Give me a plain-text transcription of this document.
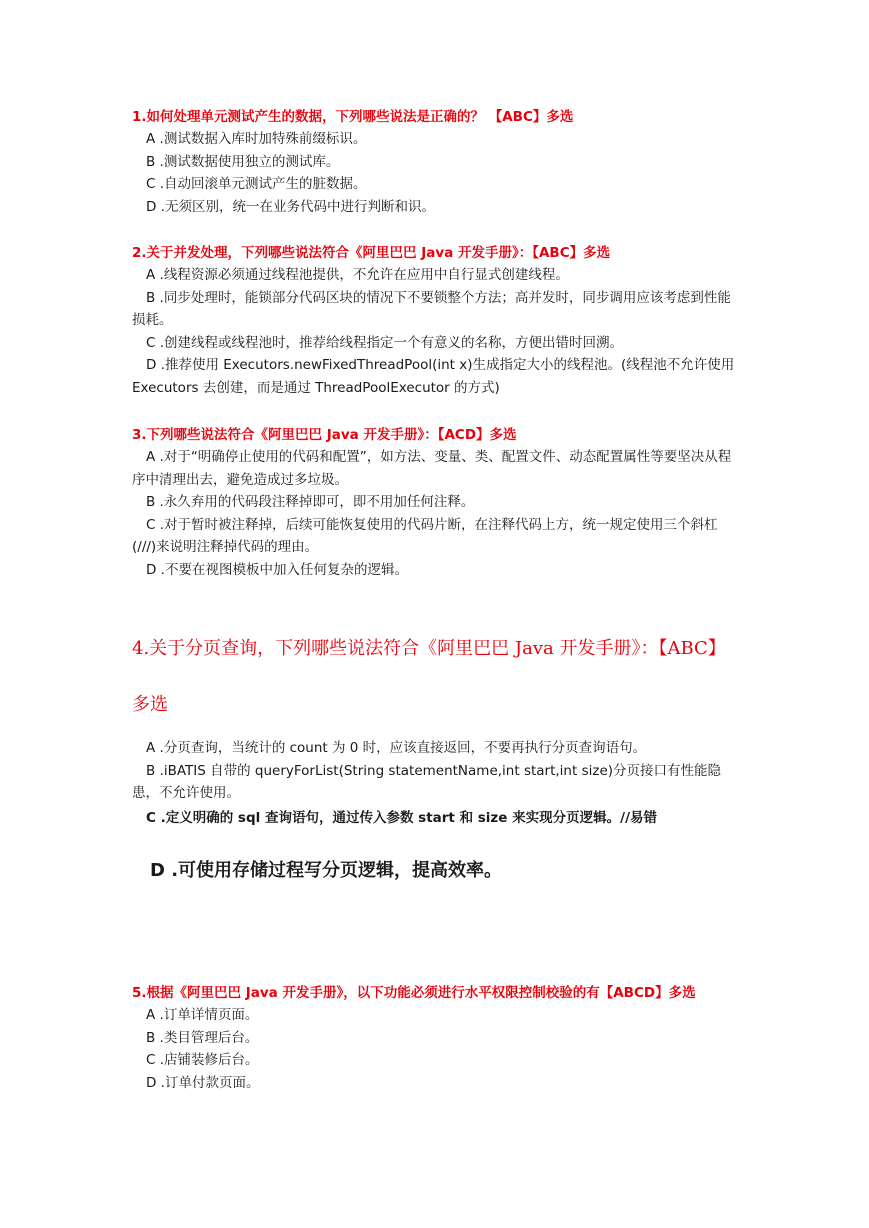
1.如何处理单元测试产生的数据，下列哪些说法是正确的？ 【ABC】多选

A .测试数据入库时加特殊前缀标识。

B .测试数据使用独立的测试库。

C .自动回滚单元测试产生的脏数据。

D .无须区别，统一在业务代码中进行判断和识。

2.关于并发处理，下列哪些说法符合《阿里巴巴 Java 开发手册》：【ABC】多选

A .线程资源必须通过线程池提供，不允许在应用中自行显式创建线程。

B .同步处理时，能锁部分代码区块的情况下不要锁整个方法；高并发时，同步调用应该考虑到性能损耗。

C .创建线程或线程池时，推荐给线程指定一个有意义的名称，方便出错时回溯。

D .推荐使用 Executors.newFixedThreadPool(int x)生成指定大小的线程池。(线程池不允许使用 Executors 去创建，而是通过 ThreadPoolExecutor 的方式)

3.下列哪些说法符合《阿里巴巴 Java 开发手册》：【ACD】多选

A .对于“明确停止使用的代码和配置”，如方法、变量、类、配置文件、动态配置属性等要坚决从程序中清理出去，避免造成过多垃圾。

B .永久弃用的代码段注释掉即可，即不用加任何注释。

C .对于暂时被注释掉，后续可能恢复使用的代码片断，在注释代码上方，统一规定使用三个斜杠(///)来说明注释掉代码的理由。

D .不要在视图模板中加入任何复杂的逻辑。

4.关于分页查询，下列哪些说法符合《阿里巴巴 Java 开发手册》：【ABC】
多选

A .分页查询，当统计的 count 为 0 时，应该直接返回，不要再执行分页查询语句。

B .iBATIS 自带的 queryForList(String statementName,int start,int size)分页接口有性能隐患，不允许使用。

C .定义明确的 sql 查询语句，通过传入参数 start 和 size 来实现分页逻辑。//易错

D .可使用存储过程写分页逻辑，提高效率。

5.根据《阿里巴巴 Java 开发手册》，以下功能必须进行水平权限控制校验的有【ABCD】多选

A .订单详情页面。

B .类目管理后台。

C .店铺装修后台。

D .订单付款页面。
